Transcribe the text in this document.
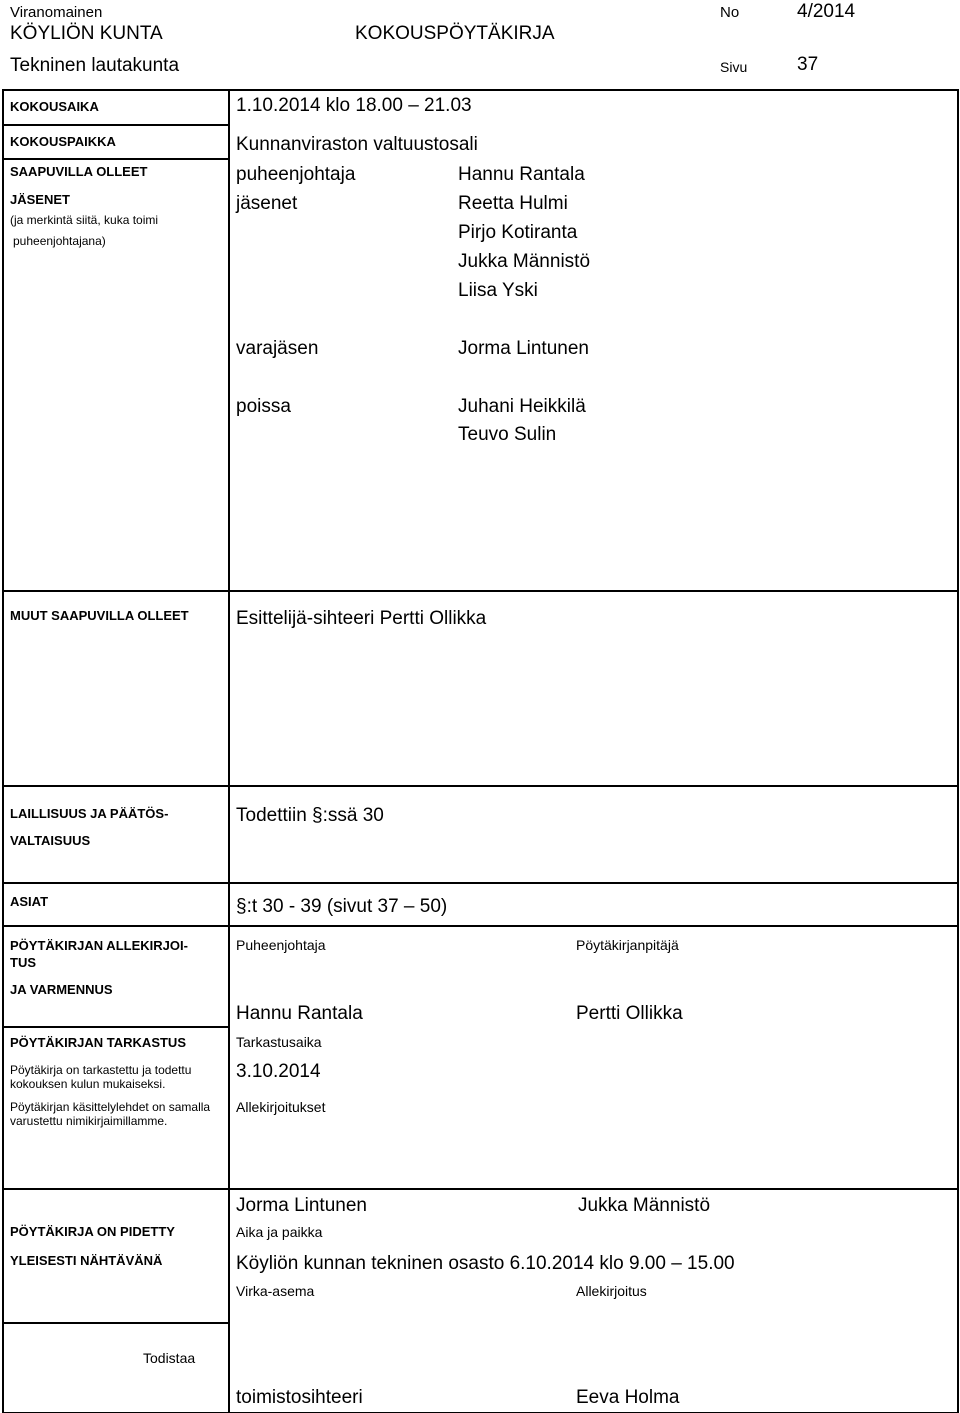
Viranomainen
KÖYLIÖN KUNTA	KOKOUSPÖYTÄKIRJA
Tekninen lautakunta
No	4/2014
Sivu	37
KOKOUSAIKA	1.10.2014 klo 18.00 – 21.03
KOKOUSPAIKKA	Kunnanviraston valtuustosali
SAAPUVILLA OLLEET
JÄSENET
(ja merkintä siitä, kuka toimi
puheenjohtajana)
puheenjohtaja	Hannu Rantala
jäsenet	Reetta Hulmi
Pirjo Kotiranta
Jukka Männistö
Liisa Yski
varajäsen	Jorma Lintunen
poissa	Juhani Heikkilä
Teuvo Sulin
MUUT SAAPUVILLA OLLEET Esittelijä-sihteeri Pertti Ollikka
LAILLISUUS JA PÄÄTÖS-
VALTAISUUS
Todettiin §:ssä 30
ASIAT	§:t 30 - 39 (sivut 37 – 50)
PÖYTÄKIRJAN ALLEKIRJOI-
TUS
JA VARMENNUS
Puheenjohtaja	Pöytäkirjanpitäjä
Hannu Rantala	Pertti Ollikka
PÖYTÄKIRJAN TARKASTUS
Pöytäkirja on tarkastettu ja todettu kokouksen kulun mukaiseksi.
Pöytäkirjan käsittelylehdet on samalla varustettu nimikirjaimillamme.
Tarkastusaika
3.10.2014
Allekirjoitukset
Jorma Lintunen	Jukka Männistö
PÖYTÄKIRJA ON PIDETTY
YLEISESTI NÄHTÄVÄNÄ
Aika ja paikka
Köyliön kunnan tekninen osasto 6.10.2014 klo 9.00 – 15.00
Virka-asema	Allekirjoitus
Todistaa
toimistosihteeri	Eeva Holma
